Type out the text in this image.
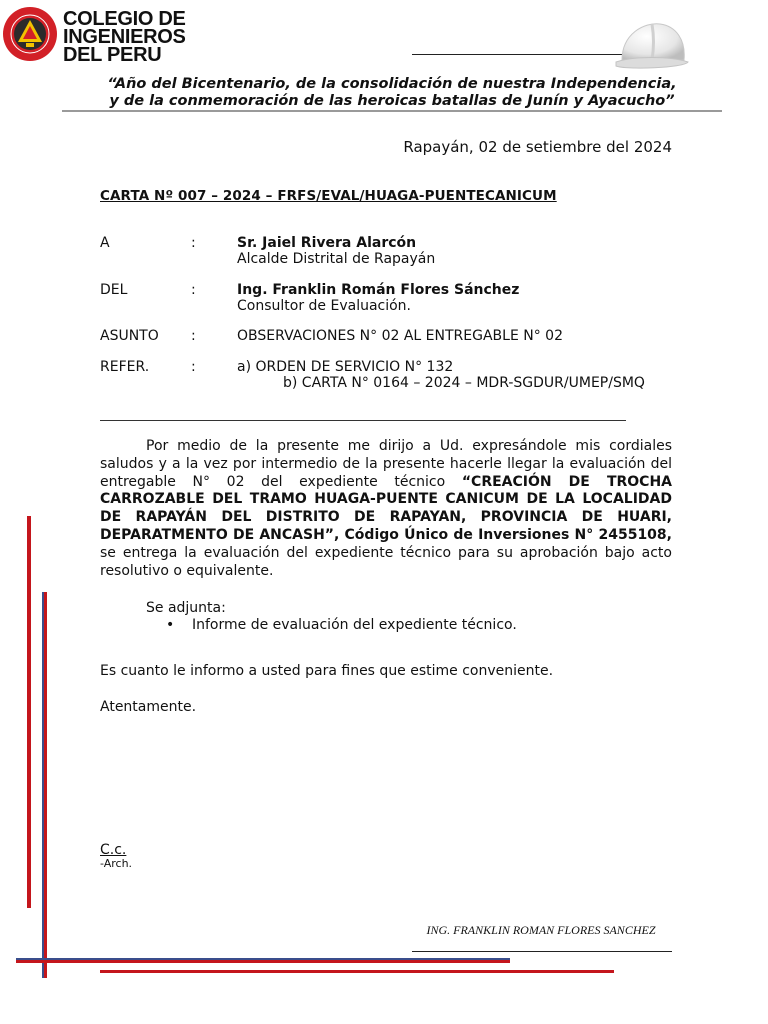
COLEGIO DE
INGENIEROS
DEL PERU
“Año del Bicentenario, de la consolidación de nuestra Independencia,
y de la conmemoración de las heroicas batallas de Junín y Ayacucho”
Rapayán, 02 de setiembre del 2024
CARTA Nº 007 – 2024 – FRFS/EVAL/HUAGA-PUENTECANICUM
A	:	Sr. Jaiel Rivera Alarcón
Alcalde Distrital de Rapayán
DEL	:	Ing. Franklin Román Flores Sánchez
Consultor de Evaluación.
ASUNTO :	OBSERVACIONES N° 02 AL ENTREGABLE N° 02
REFER.	:	a) ORDEN DE SERVICIO N° 132
b) CARTA N° 0164 – 2024 – MDR-SGDUR/UMEP/SMQ
Por medio de la presente me dirijo a Ud. expresándole mis cordiales saludos y a la vez por intermedio de la presente hacerle llegar la evaluación del entregable N° 02 del expediente técnico “CREACIÓN DE TROCHA CARROZABLE DEL TRAMO HUAGA-PUENTE CANICUM DE LA LOCALIDAD DE RAPAYÁN DEL DISTRITO DE RAPAYAN, PROVINCIA DE HUARI, DEPARATMENTO DE ANCASH”, Código Único de Inversiones N° 2455108, se entrega la evaluación del expediente técnico para su aprobación bajo acto resolutivo o equivalente.
Se adjunta:
• Informe de evaluación del expediente técnico.
Es cuanto le informo a usted para fines que estime conveniente.
Atentamente.
C.c.
-Arch.
ING. FRANKLIN ROMAN FLORES SANCHEZ
